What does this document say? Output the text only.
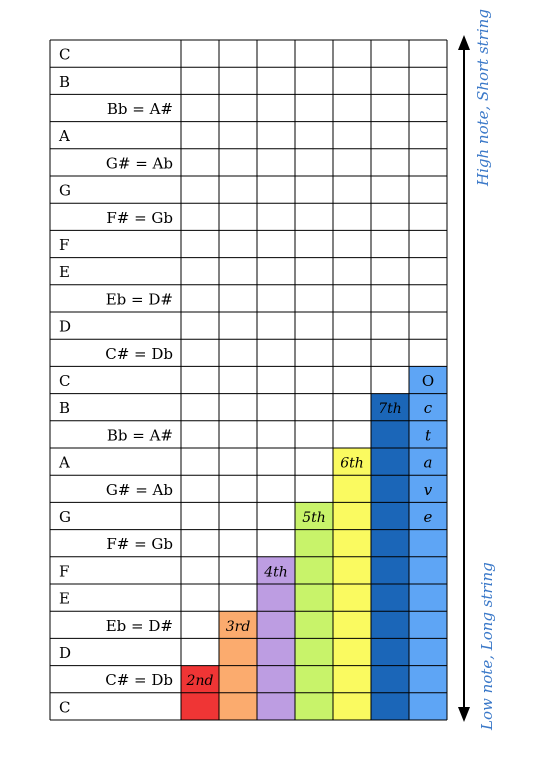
C
B
Bb = A#
A
G# = Ab
G
F# = Gb
F
E
Eb = D#
D
C# = Db
C
B
Bb = A#
A
G# = Ab
G
F# = Gb
F
E
Eb = D#
D
C# = Db
C
2nd
3rd
4th
5th
6th
7th
O
c
t
a
v
e
High note, Short string
Low note, Long string
